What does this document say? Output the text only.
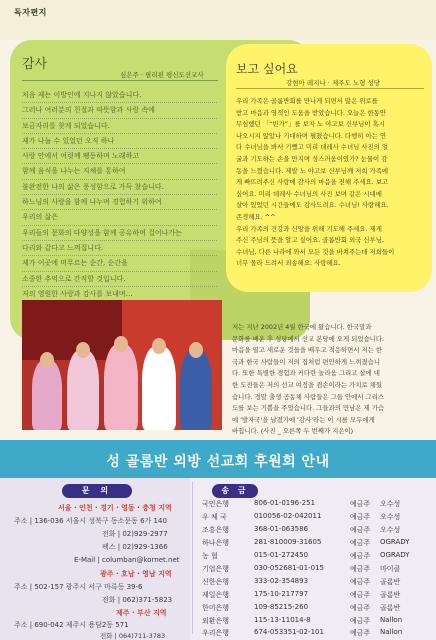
독자편지
감사
심은주 · 필리핀 평신도선교사

처음 제는 이방인에 지나지 않았습니다.

그러나 여러분의 친절과 따뜻함과 사랑 속에

보금자리를 찾게 되었습니다.

제가 나눌 수 있었던 오직 하나

사랑 안에서 여럿께 팽동하며 노래하고

함께 음식을 나누는 지체를 통하여

불완전한 나의 삶은 풍성함으로 가득 찼습니다.

하느님의 사랑을 함께 나누며 경험하기 위하여

우리의 삶은

우리들의 문화의 다양성을 함께 공유하며 걸어나가는

다리와 같다고 느껴집니다.

제가 이곳에 머무르는 순간, 순간을

소중한 추억으로 간직할 것입니다.

저의 영원한 사랑과 감사를 보내며…

보고 싶어요
강현아 레지나 · 제주도 노형 성당

우리 가족은 골롬반회를 만나게 되면서 많은 위로를

받고 마음과 영적인 도움을 받았습니다. 오늘은 한동안

무심했던 「“빈가”」를 보자 노 야고보 신부님이 혹시

나오시지 않았나 기대하며 펼쳤습니다. 다행히 아는 연

다 수녀님을 봐서 기뻤고 미리 데레사 수녀님 사진의 얼

굴과 기도하는 손을 만지며 성스러움이였가? 눈물이 감

동을 느꼈습니다. 제발 노 야고보 신부님께 저희 가족에

게 빠뜨려주신 사랑에 감사의 마음을 전해 주세요. 보고

싶어요. 미리 데레사 수녀님의 사진 보며 같은 시대에

살아 있었던 시간들에도 감사드려요. 수녀님! 사랑해요.

존경해요. ^^

우리 가족의 건강과 신앙을 위해 기도해 주세요. 제게

주신 주님의 뜻을 알고 싶어요. 골롬반회 외국 신부님,

수녀님, 다른 나라에 와서 모든 것을 바쳐주는데 저희들이

너무 몰라 드려서 죄송해요. 사랑해요.

저는 지난 2002년 4월 한국에 왔습니다. 한국말과

문화를 배운 후 성당에서 선교 본당에 오게 되었습니다.

마음을 열고 새로운 것들을 배우고 적응하면서 저는 한

국과 한국 사람들이 저의 집처럼 편안하게 느껴졌습니

다. 또한 특별한 경험과 커다란 놀라움 그리고 살에 대

한 도전들은 저의 선교 여정을 겸손이라는 가치로 채웠

습니다. 정말 출생 공동체 사람들은 그들 안에서 그리스

도를 보는 기쁨을 주었습니다. 그들과의 만남은 제 가슴

에 '발자국'을 남겼기에 '감사'라는 이 시를 모두에게

바칩니다. (사진 _ 오른쪽 두 번째가 지은이)

성 골롬반 외방 선교회 후원회 안내
문 의
서울 · 인천 · 경기 · 영동 · 충청 지역
주소 | 136-036 서울시 성북구 동소문동 6가 140
전화 | 02)929-2977
팩스 | 02)929-1366
E-Mail | columban@kornet.net
광주 · 호남 · 영남 지역
주소 | 502-157 광주시 서구 마륵동 39-6
전화 | 062)371-5823
제주 · 부산 지역
주소 | 690-042 제주시 용담2동 571
전화 | 064)711-3783
송 금
국민은행	806-01-0196-251	예금주 오수성
우 체 국	010056-02-042011	예금주 오수성
조흥은행	368-01-063586	예금주 오수성
하나은행	281-810009-31605	예금주 OGRADY
농 협	015-01-272450	예금주 OGRADY
기업은행	030-052681-01-015	예금주 마이클
신한은행	333-02-354893	예금주 골롬반
제일은행	175-10-217797	예금주 골롬반
한미은행	109-85215-260	예금주 골롬반
외환은행	115-13-11014-8	예금주 Nallon
우리은행	674-053351-02-101	예금주 Nallon
